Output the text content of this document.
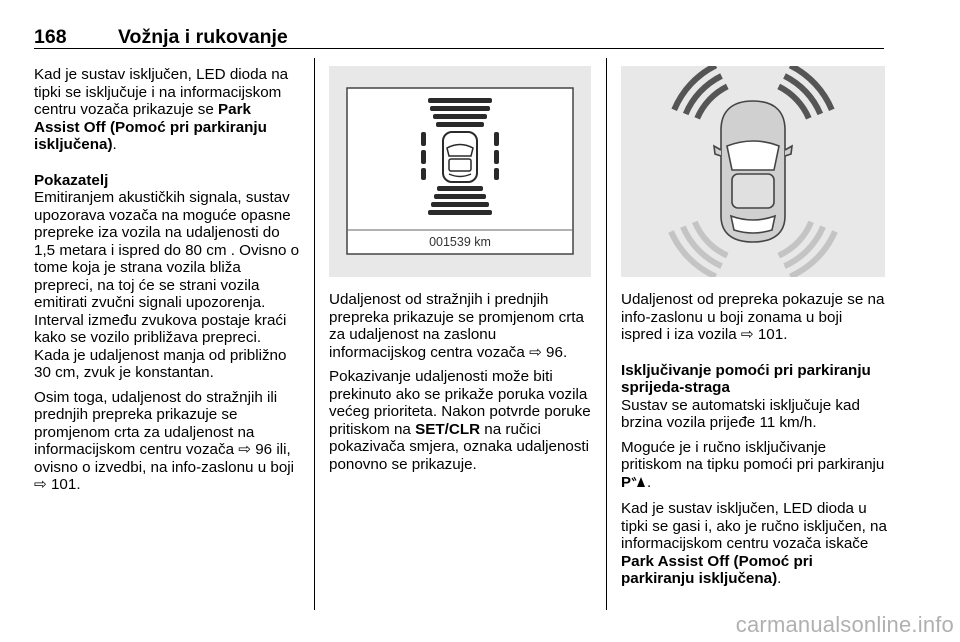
168	Vožnja i rukovanje

Kad je sustav isključen, LED dioda na tipki se isključuje i na informacijskom centru vozača prikazuje se Park Assist Off (Pomoć pri parkiranju isključena).

Pokazatelj

Emitiranjem akustičkih signala, sustav upozorava vozača na moguće opasne prepreke iza vozila na udaljenosti do 1,5 metara i ispred do 80 cm . Ovisno o tome koja je strana vozila bliža prepreci, na toj će se strani vozila emitirati zvučni signali upozorenja. Interval između zvukova postaje kraći kako se vozilo približava prepreci. Kada je udaljenost manja od približno 30 cm, zvuk je konstantan.

Osim toga, udaljenost do stražnjih ili prednjih prepreka prikazuje se promjenom crta za udaljenost na informacijskom centru vozača ⇨ 96 ili, ovisno o izvedbi, na info-zaslonu u boji ⇨ 101.

001539 km

Udaljenost od stražnjih i prednjih prepreka prikazuje se promjenom crta za udaljenost na zaslonu informacijskog centra vozača ⇨ 96.

Pokazivanje udaljenosti može biti prekinuto ako se prikaže poruka vozila većeg prioriteta. Nakon potvrde poruke pritiskom na SET/CLR na ručici pokazivača smjera, oznaka udaljenosti ponovno se prikazuje.

Udaljenost od prepreka pokazuje se na info-zaslonu u boji zonama u boji ispred i iza vozila ⇨ 101.

Isključivanje pomoći pri parkiranju sprijeda-straga

Sustav se automatski isključuje kad brzina vozila prijeđe 11 km/h.

Moguće je i ručno isključivanje pritiskom na tipku pomoći pri parkiranju
P .

Kad je sustav isključen, LED dioda u tipki se gasi i, ako je ručno isključen, na informacijskom centru vozača iskače Park Assist Off (Pomoć pri parkiranju isključena).

carmanualsonline.info
